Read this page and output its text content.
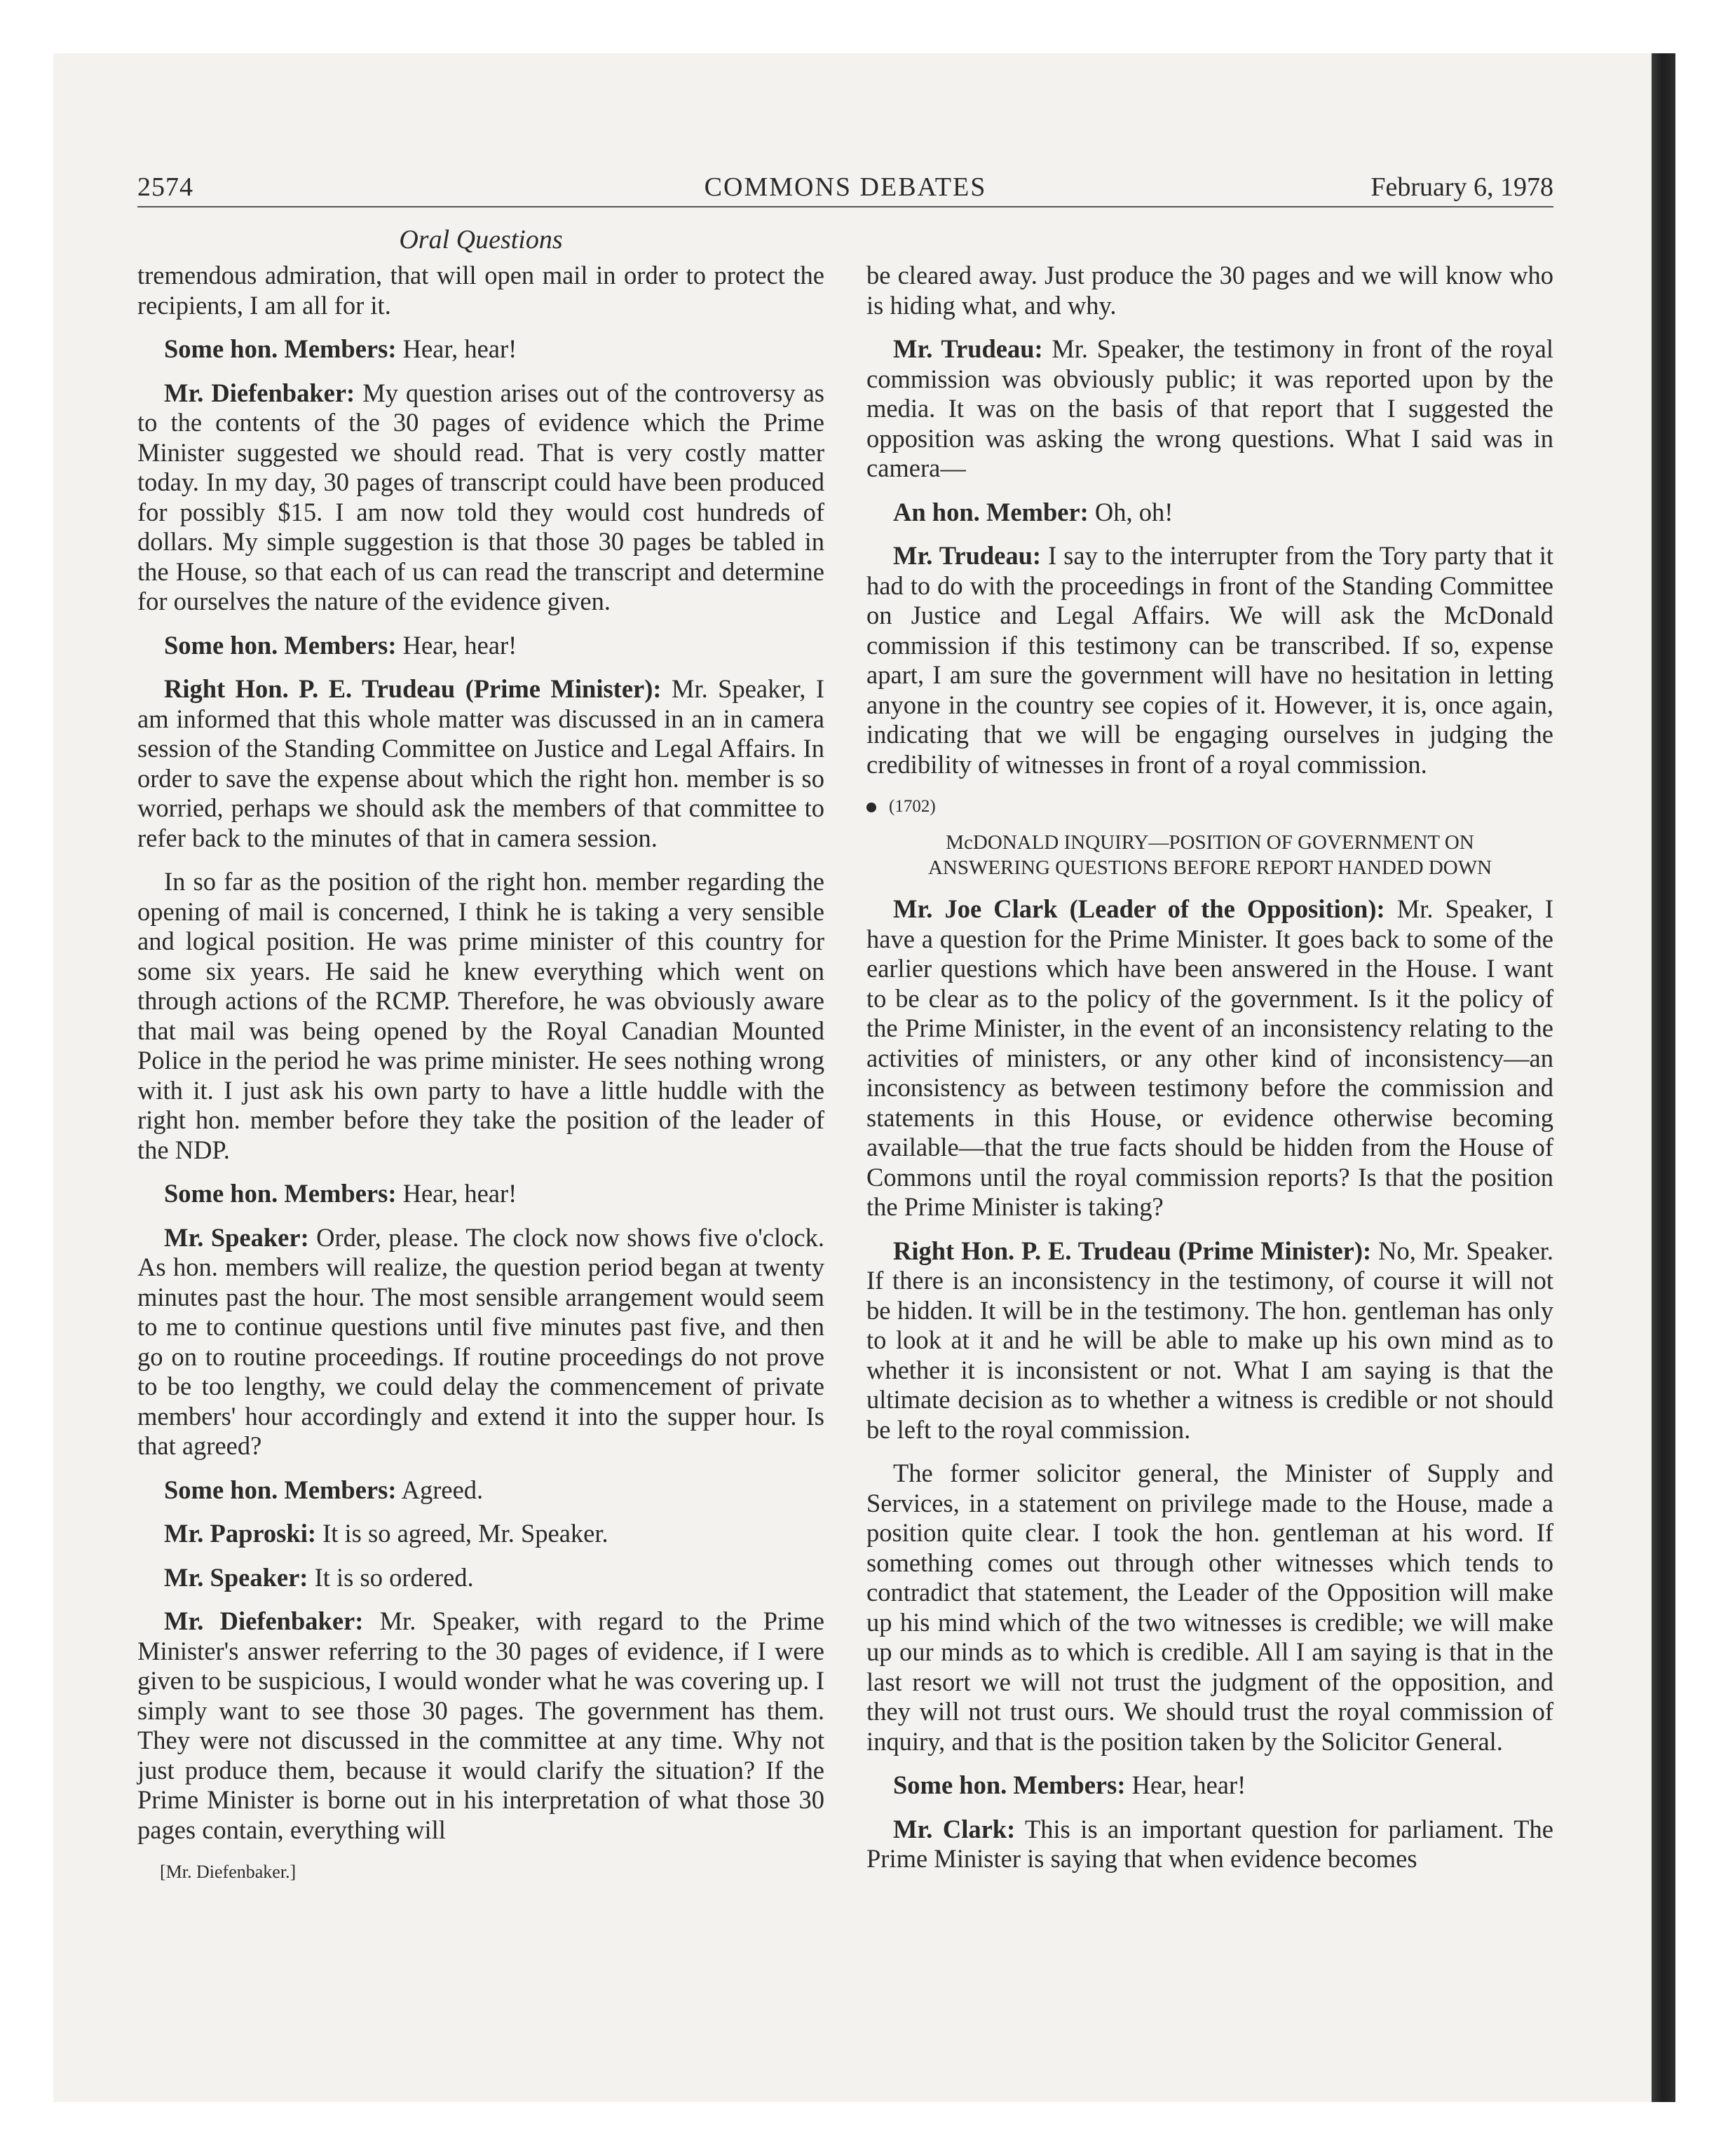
COMMONS DEBATES
2574	February 6, 1978
Oral Questions

tremendous admiration, that will open mail in order to protect the recipients, I am all for it.

Some hon. Members: Hear, hear!

Mr. Diefenbaker: My question arises out of the controversy as to the contents of the 30 pages of evidence which the Prime Minister suggested we should read. That is very costly matter today. In my day, 30 pages of transcript could have been produced for possibly $15. I am now told they would cost hundreds of dollars. My simple suggestion is that those 30 pages be tabled in the House, so that each of us can read the transcript and determine for ourselves the nature of the evidence given.

Some hon. Members: Hear, hear!

Right Hon. P. E. Trudeau (Prime Minister): Mr. Speaker, I am informed that this whole matter was discussed in an in camera session of the Standing Committee on Justice and Legal Affairs. In order to save the expense about which the right hon. member is so worried, perhaps we should ask the members of that committee to refer back to the minutes of that in camera session.

In so far as the position of the right hon. member regarding the opening of mail is concerned, I think he is taking a very sensible and logical position. He was prime minister of this country for some six years. He said he knew everything which went on through actions of the RCMP. Therefore, he was obviously aware that mail was being opened by the Royal Canadian Mounted Police in the period he was prime minister. He sees nothing wrong with it. I just ask his own party to have a little huddle with the right hon. member before they take the position of the leader of the NDP.

Some hon. Members: Hear, hear!

Mr. Speaker: Order, please. The clock now shows five o'clock. As hon. members will realize, the question period began at twenty minutes past the hour. The most sensible arrangement would seem to me to continue questions until five minutes past five, and then go on to routine proceedings. If routine proceedings do not prove to be too lengthy, we could delay the commencement of private members' hour accordingly and extend it into the supper hour. Is that agreed?

Some hon. Members: Agreed.

Mr. Paproski: It is so agreed, Mr. Speaker.

Mr. Speaker: It is so ordered.

Mr. Diefenbaker: Mr. Speaker, with regard to the Prime Minister's answer referring to the 30 pages of evidence, if I were given to be suspicious, I would wonder what he was covering up. I simply want to see those 30 pages. The government has them. They were not discussed in the committee at any time. Why not just produce them, because it would clarify the situation? If the Prime Minister is borne out in his interpretation of what those 30 pages contain, everything will

[Mr. Diefenbaker.]

be cleared away. Just produce the 30 pages and we will know who is hiding what, and why.

Mr. Trudeau: Mr. Speaker, the testimony in front of the royal commission was obviously public; it was reported upon by the media. It was on the basis of that report that I suggested the opposition was asking the wrong questions. What I said was in camera—

An hon. Member: Oh, oh!

Mr. Trudeau: I say to the interrupter from the Tory party that it had to do with the proceedings in front of the Standing Committee on Justice and Legal Affairs. We will ask the McDonald commission if this testimony can be transcribed. If so, expense apart, I am sure the government will have no hesitation in letting anyone in the country see copies of it. However, it is, once again, indicating that we will be engaging ourselves in judging the credibility of witnesses in front of a royal commission.

(1702)

McDONALD INQUIRY—POSITION OF GOVERNMENT ON
ANSWERING QUESTIONS BEFORE REPORT HANDED DOWN

Mr. Joe Clark (Leader of the Opposition): Mr. Speaker, I have a question for the Prime Minister. It goes back to some of the earlier questions which have been answered in the House. I want to be clear as to the policy of the government. Is it the policy of the Prime Minister, in the event of an inconsistency relating to the activities of ministers, or any other kind of inconsistency—an inconsistency as between testimony before the commission and statements in this House, or evidence otherwise becoming available—that the true facts should be hidden from the House of Commons until the royal commission reports? Is that the position the Prime Minister is taking?

Right Hon. P. E. Trudeau (Prime Minister): No, Mr. Speaker. If there is an inconsistency in the testimony, of course it will not be hidden. It will be in the testimony. The hon. gentleman has only to look at it and he will be able to make up his own mind as to whether it is inconsistent or not. What I am saying is that the ultimate decision as to whether a witness is credible or not should be left to the royal commission.

The former solicitor general, the Minister of Supply and Services, in a statement on privilege made to the House, made a position quite clear. I took the hon. gentleman at his word. If something comes out through other witnesses which tends to contradict that statement, the Leader of the Opposition will make up his mind which of the two witnesses is credible; we will make up our minds as to which is credible. All I am saying is that in the last resort we will not trust the judgment of the opposition, and they will not trust ours. We should trust the royal commission of inquiry, and that is the position taken by the Solicitor General.

Some hon. Members: Hear, hear!

Mr. Clark: This is an important question for parliament. The Prime Minister is saying that when evidence becomes
